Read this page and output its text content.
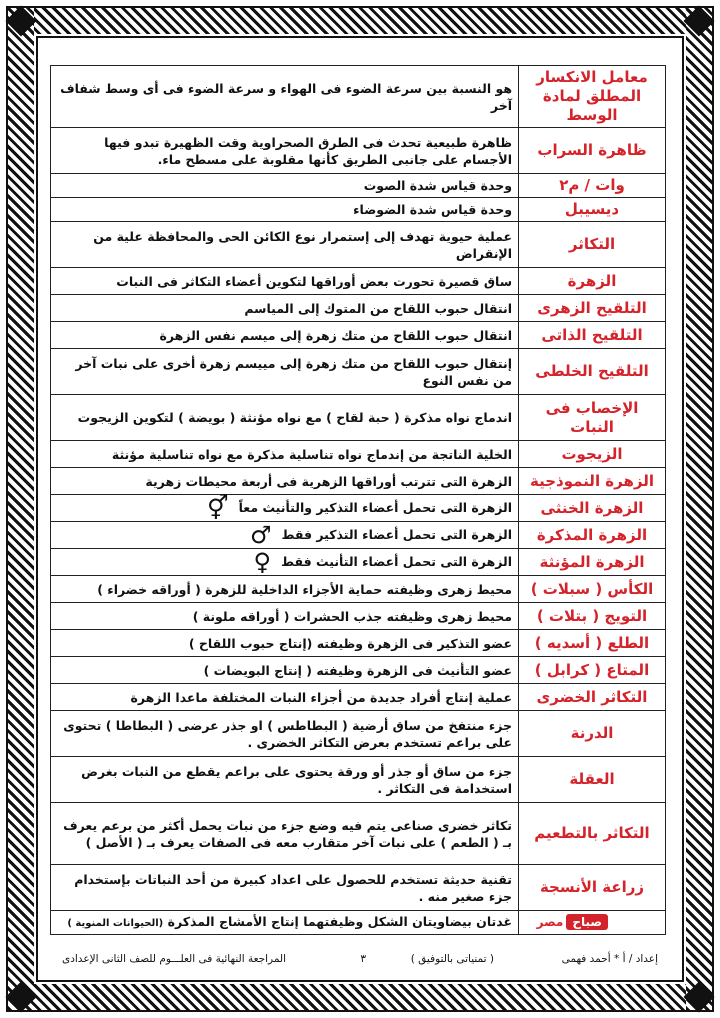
معامل الانكسار المطلق لمادة الوسط	هو النسبة بين سرعة الضوء فى الهواء و سرعة الضوء فى أى وسط شفاف آخر
ظاهرة السراب	ظاهرة طبيعية تحدث فى الطرق الصحراوية وقت الظهيرة تبدو فيها الأجسام على جانبى الطريق كأنها مقلوبة على مسطح ماء.
وات / م٢	وحدة قياس شدة الصوت
ديسيبل	وحدة قياس شدة الضوضاء
التكاثر	عملية حيوية تهدف إلى إستمرار نوع الكائن الحى والمحافظة علية من الإنقراض
الزهرة	ساق قصيرة تحورت بعض أوراقها لتكوين أعضاء التكاثر فى النبات
التلقيح الزهرى	انتقال حبوب اللقاح من المتوك إلى المياسم
التلقيح الذاتى	انتقال حبوب اللقاح من متك زهرة إلى ميسم نفس الزهرة
التلقيح الخلطى	إنتقال حبوب اللقاح من متك زهرة إلى مييسم زهرة أخرى على نبات آخر من نفس النوع
الإخصاب فى النبات	اندماج نواه مذكرة ( حبة لقاح ) مع نواه مؤنثة ( بويضة ) لتكوين الزيجوت
الزيجوت	الخلية الناتجة من إندماج نواه تناسلية مذكرة مع نواه تناسلية مؤنثة
الزهرة النموذجية	الزهرة التى تترتب أوراقها الزهرية فى أربعة محيطات زهرية
الزهرة الخنثى	الزهرة التى تحمل أعضاء التذكير والتأنيث معاً⚥
الزهرة المذكرة	الزهرة التى تحمل أعضاء التذكير فقط♂
الزهرة المؤنثة	الزهرة التى تحمل أعضاء التأنيث فقط♀
الكأس ( سبلات )	محيط زهرى وظيفته حماية الأجزاء الداخلية للزهرة ( أوراقه خضراء )
التويج ( بتلات )	محيط زهرى وظيفته جذب الحشرات ( أوراقه ملونة )
الطلع ( أسديه )	عضو التذكير فى الزهرة وظيفته (إنتاج حبوب اللقاح )
المتاع ( كرابل )	عضو التأنيث فى الزهرة وظيفته ( إنتاج البويضات )
التكاثر الخضرى	عملية إنتاج أفراد جديدة من أجزاء النبات المختلفة ماعدا الزهرة
الدرنة	جزء منتفخ من ساق أرضية ( البطاطس ) او جذر عرضى ( البطاطا ) تحتوى على براعم تستخدم بعرض التكاثر الخضرى .
العقلة	جزء من ساق أو جذر أو ورقة يحتوى على براعم يقطع من النبات بغرض استخدامة فى التكاثر .
التكاثر بالتطعيم	تكاثر خضرى صناعى يتم فيه وضع جزء من نبات يحمل أكثر من برعم يعرف بـ ( الطعم ) على نبات آخر متقارب معه فى الصفات يعرف بـ ( الأصل )
زراعة الأنسجة	تقنية حديثة تستخدم للحصول على اعداد كبيرة من أحد النباتات بإستخدام جزء صغير منه .
	غدتان بيضاويتان الشكل وظيفتهما إنتاج الأمشاج المذكرة (الحيوانات المنوية )	صباحمصر
إعداد / أ * أحمد فهمى
( تمنياتى بالتوفيق )
٣
المراجعة النهائية فى العلـــوم للصف الثانى الإعدادى
